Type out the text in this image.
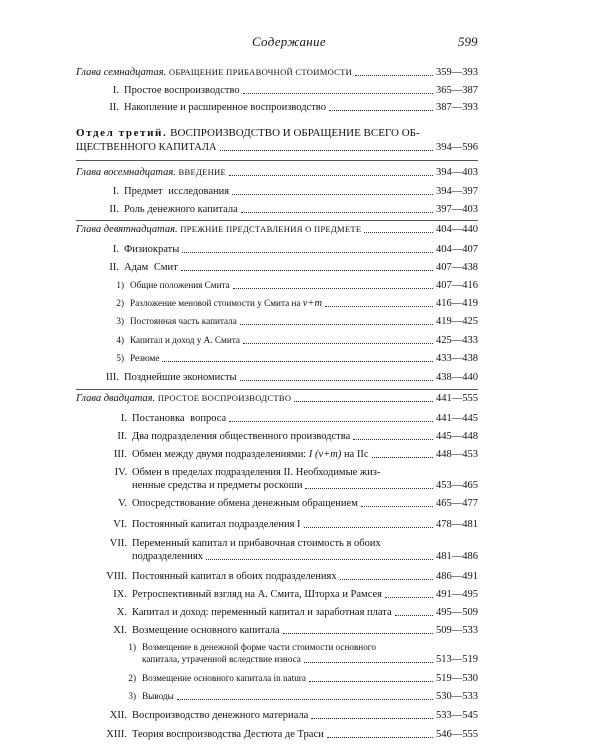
Содержание	599
Глава семнадцатая. ОБРАЩЕНИЕ ПРИБАВОЧНОЙ СТОИМОСТИ	359—393
I. Простое воспроизводство	365—387
II. Накопление и расширенное воспроизводство	387—393
Отдел третий. ВОСПРОИЗВОДСТВО И ОБРАЩЕНИЕ ВСЕГО ОБ-
ЩЕСТВЕННОГО КАПИТАЛА	394—596
Глава восемнадцатая. ВВЕДЕНИЕ	394—403
I. Предмет исследования	394—397
II. Роль денежного капитала	397—403
Глава девятнадцатая. ПРЕЖНИЕ ПРЕДСТАВЛЕНИЯ О ПРЕДМЕТЕ	404—440
I. Физиократы	404—407
II. Адам Смит	407—438
1) Общие положения Смита	407—416
2) Разложение меновой стоимости у Смита на v+m	416—419
3) Постоянная часть капитала	419—425
4) Капитал и доход у А. Смита	425—433
5) Резюме	433—438
III. Позднейшие экономисты	438—440
Глава двадцатая. ПРОСТОЕ ВОСПРОИЗВОДСТВО	441—555
I. Постановка вопроса	441—445
II. Два подразделения общественного производства	445—448
III. Обмен между двумя подразделениями: I (v+m) на IIc	448—453
IV. Обмен в пределах подразделения II. Необходимые жиз-
ненные средства и предметы роскоши	453—465
V. Опосредствование обмена денежным обращением	465—477
VI. Постоянный капитал подразделения I	478—481
VII. Переменный капитал и прибавочная стоимость в обоих
подразделениях	481—486
VIII. Постоянный капитал в обоих подразделениях	486—491
IX. Ретроспективный взгляд на А. Смита, Шторха и Рамсея	491—495
X. Капитал и доход: переменный капитал и заработная плата	495—509
XI. Возмещение основного капитала	509—533
1) Возмещение в денежной форме части стоимости основного
капитала, утраченной вследствие износа	513—519
2) Возмещение основного капитала in natura	519—530
3) Выводы	530—533
XII. Воспроизводство денежного материала	533—545
XIII. Теория воспроизводства Дестюта де Траси	546—555
